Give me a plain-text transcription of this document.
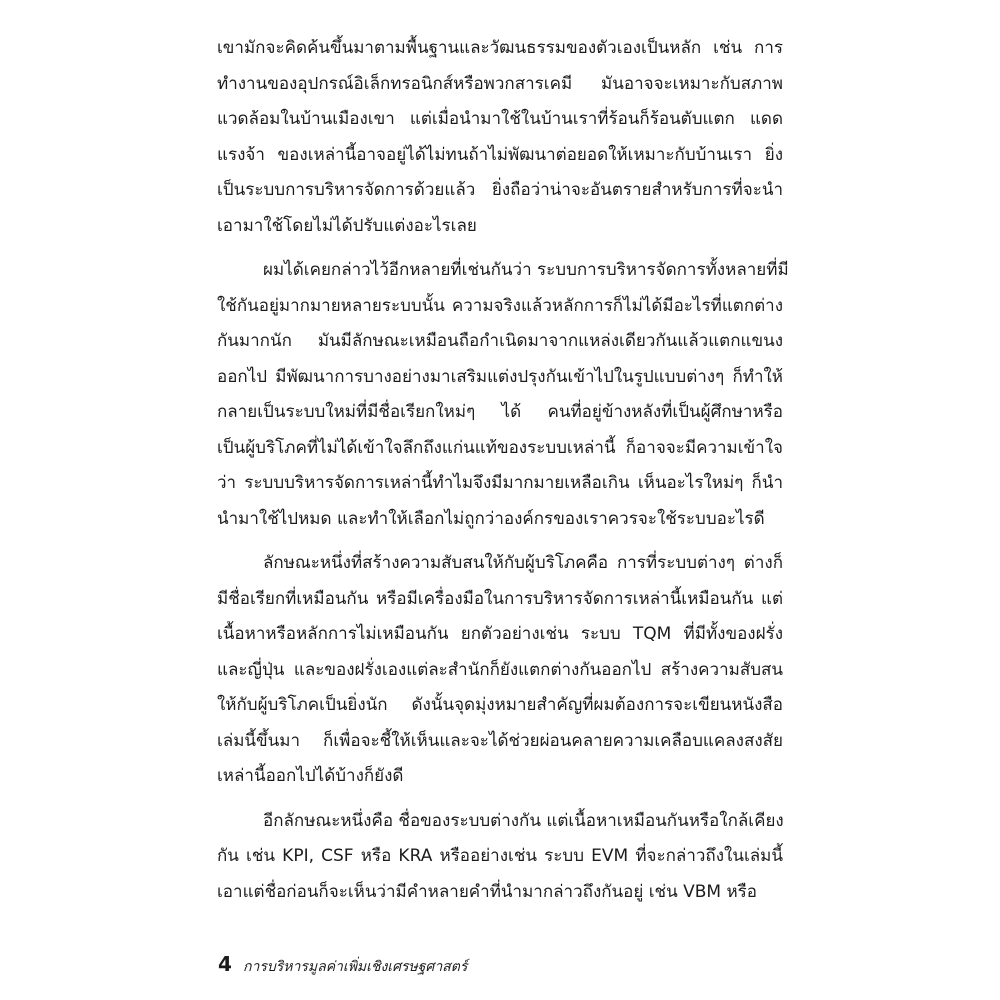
เขามักจะคิดค้นขึ้นมาตามพื้นฐานและวัฒนธรรมของตัวเองเป็นหลัก เช่น การ
ทำงานของอุปกรณ์อิเล็กทรอนิกส์หรือพวกสารเคมี มันอาจจะเหมาะกับสภาพ
แวดล้อมในบ้านเมืองเขา แต่เมื่อนำมาใช้ในบ้านเราที่ร้อนก็ร้อนตับแตก แดด
แรงจ้า ของเหล่านี้อาจอยู่ได้ไม่ทนถ้าไม่พัฒนาต่อยอดให้เหมาะกับบ้านเรา ยิ่ง
เป็นระบบการบริหารจัดการด้วยแล้ว ยิ่งถือว่าน่าจะอันตรายสำหรับการที่จะนำ
เอามาใช้โดยไม่ได้ปรับแต่งอะไรเลย
ผมได้เคยกล่าวไว้อีกหลายที่เช่นกันว่า ระบบการบริหารจัดการทั้งหลายที่มี
ใช้กันอยู่มากมายหลายระบบนั้น ความจริงแล้วหลักการก็ไม่ได้มีอะไรที่แตกต่าง
กันมากนัก มันมีลักษณะเหมือนถือกำเนิดมาจากแหล่งเดียวกันแล้วแตกแขนง
ออกไป มีพัฒนาการบางอย่างมาเสริมแต่งปรุงกันเข้าไปในรูปแบบต่างๆ ก็ทำให้
กลายเป็นระบบใหม่ที่มีชื่อเรียกใหม่ๆ ได้ คนที่อยู่ข้างหลังที่เป็นผู้ศึกษาหรือ
เป็นผู้บริโภคที่ไม่ได้เข้าใจลึกถึงแก่นแท้ของระบบเหล่านี้ ก็อาจจะมีความเข้าใจ
ว่า ระบบบริหารจัดการเหล่านี้ทำไมจึงมีมากมายเหลือเกิน เห็นอะไรใหม่ๆ ก็นำ
นำมาใช้ไปหมด และทำให้เลือกไม่ถูกว่าองค์กรของเราควรจะใช้ระบบอะไรดี
ลักษณะหนึ่งที่สร้างความสับสนให้กับผู้บริโภคคือ การที่ระบบต่างๆ ต่างก็
มีชื่อเรียกที่เหมือนกัน หรือมีเครื่องมือในการบริหารจัดการเหล่านี้เหมือนกัน แต่
เนื้อหาหรือหลักการไม่เหมือนกัน ยกตัวอย่างเช่น ระบบ TQM ที่มีทั้งของฝรั่ง
และญี่ปุ่น และของฝรั่งเองแต่ละสำนักก็ยังแตกต่างกันออกไป สร้างความสับสน
ให้กับผู้บริโภคเป็นยิ่งนัก ดังนั้นจุดมุ่งหมายสำคัญที่ผมต้องการจะเขียนหนังสือ
เล่มนี้ขึ้นมา ก็เพื่อจะชี้ให้เห็นและจะได้ช่วยผ่อนคลายความเคลือบแคลงสงสัย
เหล่านี้ออกไปได้บ้างก็ยังดี
อีกลักษณะหนึ่งคือ ชื่อของระบบต่างกัน แต่เนื้อหาเหมือนกันหรือใกล้เคียง
กัน เช่น KPI, CSF หรือ KRA หรืออย่างเช่น ระบบ EVM ที่จะกล่าวถึงในเล่มนี้
เอาแต่ชื่อก่อนก็จะเห็นว่ามีคำหลายคำที่นำมากล่าวถึงกันอยู่ เช่น VBM หรือ
4 การบริหารมูลค่าเพิ่มเชิงเศรษฐศาสตร์
